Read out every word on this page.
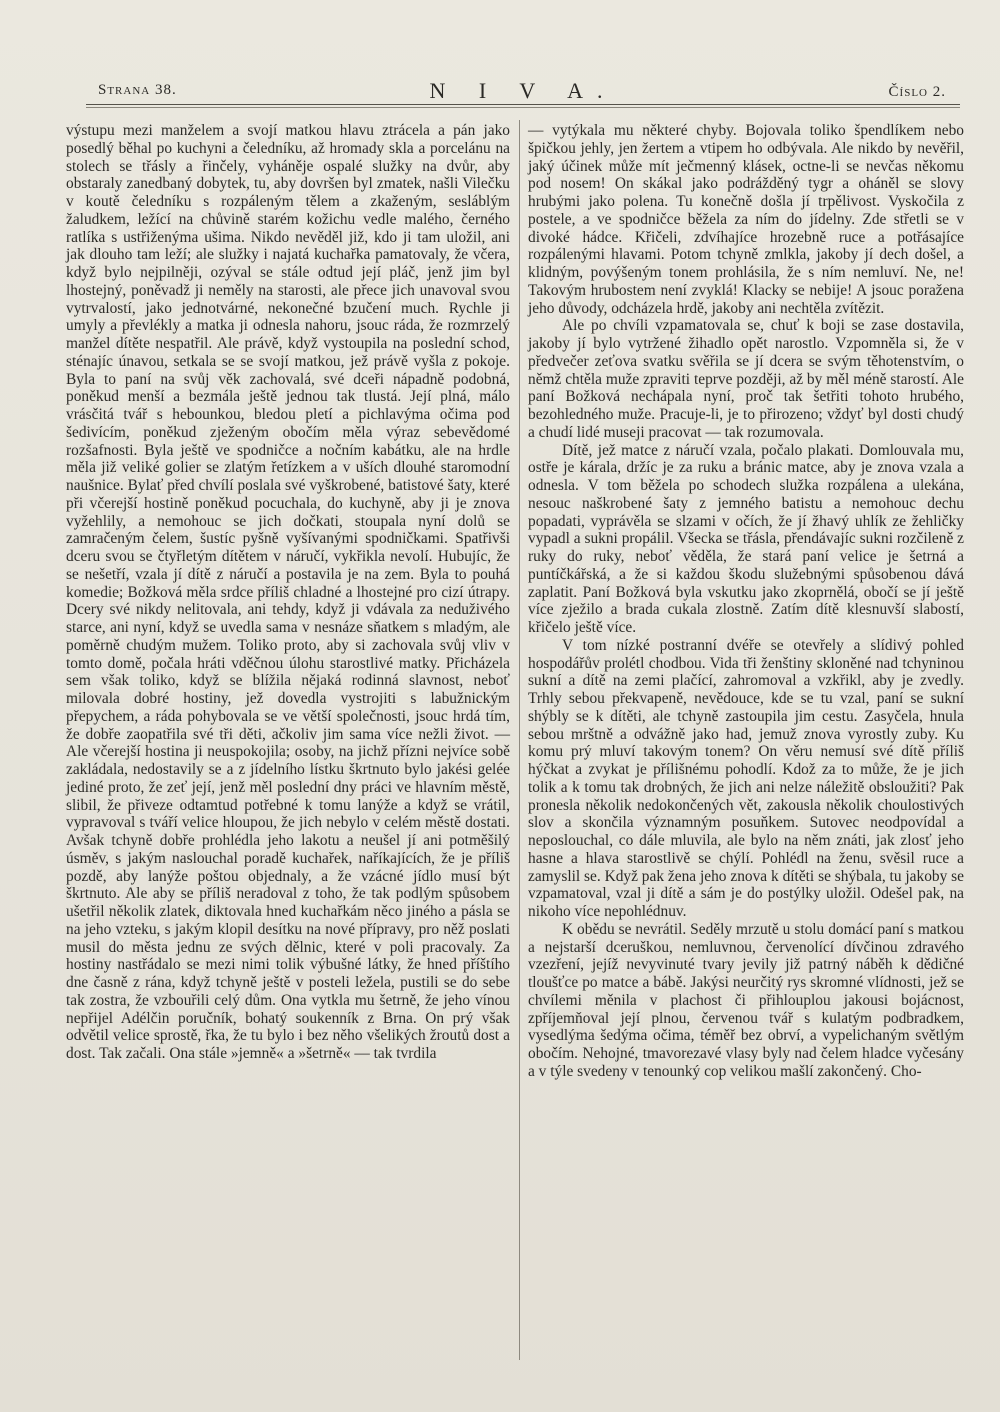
Strana 38.	N I V A.	Číslo 2.

výstupu mezi manželem a svojí matkou hlavu ztrácela a pán jako posedlý běhal po kuchyni a čeledníku, až hromady skla a porcelánu na stolech se třásly a řinčely, vyháněje ospalé služky na dvůr, aby obstaraly zanedbaný dobytek, tu, aby dovršen byl zmatek, našli Vilečku v koutě čeledníku s rozpáleným tělem a zkaženým, sesláblým žaludkem, ležící na chůvině starém kožichu vedle malého, černého ratlíka s ustřiženýma ušima. Nikdo nevěděl již, kdo ji tam uložil, ani jak dlouho tam leží; ale služky i najatá kuchařka pamatovaly, že včera, když bylo nejpilněji, ozýval se stále odtud její pláč, jenž jim byl lhostejný, poněvadž ji neměly na starosti, ale přece jich unavoval svou vytrvalostí, jako jednotvárné, nekonečné bzučení much. Rychle ji umyly a převlékly a matka ji odnesla nahoru, jsouc ráda, že rozmrzelý manžel dítěte nespatřil. Ale právě, když vystoupila na poslední schod, sténajíc únavou, setkala se se svojí matkou, jež právě vyšla z pokoje. Byla to paní na svůj věk zachovalá, své dceři nápadně podobná, poněkud menší a bezmála ještě jednou tak tlustá. Její plná, málo vrásčitá tvář s hebounkou, bledou pletí a pichlavýma očima pod šedivícím, poněkud zježeným obočím měla výraz sebevědomé rozšafnosti. Byla ještě ve spodničce a nočním kabátku, ale na hrdle měla již veliké golier se zlatým řetízkem a v uších dlouhé staromodní naušnice. Bylať před chvílí poslala své vyškrobené, batistové šaty, které při včerejší hostině poněkud pocuchala, do kuchyně, aby ji je znova vyžehlily, a nemohouc se jich dočkati, stoupala nyní dolů se zamračeným čelem, šustíc pyšně vyšívanými spodničkami. Spatřivši dceru svou se čtyřletým dítětem v náručí, vykřikla nevolí. Hubujíc, že se nešetří, vzala jí dítě z náručí a postavila je na zem. Byla to pouhá komedie; Božková měla srdce příliš chladné a lhostejné pro cizí útrapy. Dcery své nikdy nelitovala, ani tehdy, když ji vdávala za neduživého starce, ani nyní, když se uvedla sama v nesnáze sňatkem s mladým, ale poměrně chudým mužem. Toliko proto, aby si zachovala svůj vliv v tomto domě, počala hráti vděčnou úlohu starostlivé matky. Přicházela sem však toliko, když se blížila nějaká rodinná slavnost, neboť milovala dobré hostiny, jež dovedla vystrojiti s labužnickým přepychem, a ráda pohybovala se ve větší společnosti, jsouc hrdá tím, že dobře zaopatřila své tři děti, ačkoliv jim sama více nežli život. — Ale včerejší hostina ji neuspokojila; osoby, na jichž přízni nejvíce sobě zakládala, nedostavily se a z jídelního lístku škrtnuto bylo jakési gelée jediné proto, že zeť její, jenž měl poslední dny práci ve hlavním městě, slibil, že přiveze odtamtud potřebné k tomu lanýže a když se vrátil, vypravoval s tváří velice hloupou, že jich nebylo v celém městě dostati. Avšak tchyně dobře prohlédla jeho lakotu a neušel jí ani potměšilý úsměv, s jakým naslouchal poradě kuchařek, naříkajících, že je příliš pozdě, aby lanýže poštou objednaly, a že vzácné jídlo musí být škrtnuto. Ale aby se příliš neradoval z toho, že tak podlým spůsobem ušetřil několik zlatek, diktovala hned kuchařkám něco jiného a pásla se na jeho vzteku, s jakým klopil desítku na nové přípravy, pro něž poslati musil do města jednu ze svých dělnic, které v poli pracovaly. Za hostiny nastřádalo se mezi nimi tolik výbušné látky, že hned příštího dne časně z rána, když tchyně ještě v posteli ležela, pustili se do sebe tak zostra, že vzbouřili celý dům. Ona vytkla mu šetrně, že jeho vínou nepřijel Adélčin poručník, bohatý soukenník z Brna. On prý však odvětil velice sprostě, řka, že tu bylo i bez něho všelikých žroutů dost a dost. Tak začali. Ona stále »jemně« a »šetrně« — tak tvrdila

— vytýkala mu některé chyby. Bojovala toliko špendlíkem nebo špičkou jehly, jen žertem a vtipem ho odbývala. Ale nikdo by nevěřil, jaký účinek může mít ječmenný klásek, octne-li se nevčas někomu pod nosem! On skákal jako podrážděný tygr a oháněl se slovy hrubými jako polena. Tu konečně došla jí trpělivost. Vyskočila z postele, a ve spodničce běžela za ním do jídelny. Zde střetli se v divoké hádce. Křičeli, zdvíhajíce hrozebně ruce a potřásajíce rozpálenými hlavami. Potom tchyně zmlkla, jakoby jí dech došel, a klidným, povýšeným tonem prohlásila, že s ním nemluví. Ne, ne! Takovým hrubostem není zvyklá! Klacky se nebije! A jsouc poražena jeho důvody, odcházela hrdě, jakoby ani nechtěla zvítězit.

Ale po chvíli vzpamatovala se, chuť k boji se zase dostavila, jakoby jí bylo vytržené žihadlo opět narostlo. Vzpomněla si, že v předvečer zeťova svatku svěřila se jí dcera se svým těhotenstvím, o němž chtěla muže zpraviti teprve později, až by měl méně starostí. Ale paní Božková nechápala nyní, proč tak šetřiti tohoto hrubého, bezohledného muže. Pracuje-li, je to přirozeno; vždyť byl dosti chudý a chudí lidé museji pracovat — tak rozumovala.

Dítě, jež matce z náručí vzala, počalo plakati. Domlouvala mu, ostře je kárala, držíc je za ruku a bránic matce, aby je znova vzala a odnesla. V tom běžela po schodech služka rozpálena a ulekána, nesouc naškrobené šaty z jemného batistu a nemohouc dechu popadati, vyprávěla se slzami v očích, že jí žhavý uhlík ze žehličky vypadl a sukni propálil. Všecka se třásla, přendávajíc sukni rozčileně z ruky do ruky, neboť věděla, že stará paní velice je šetrná a puntíčkářská, a že si každou škodu služebnými spůsobenou dává zaplatit. Paní Božková byla vskutku jako zkoprnělá, obočí se jí ještě více zježilo a brada cukala zlostně. Zatím dítě klesnuvší slabostí, křičelo ještě více.

V tom nízké postranní dvéře se otevřely a slídivý pohled hospodářův prolétl chodbou. Vida tři ženštiny skloněné nad tchyninou sukní a dítě na zemi plačící, zahromoval a vzkřikl, aby je zvedly. Trhly sebou překvapeně, nevědouce, kde se tu vzal, paní se sukní shýbly se k dítěti, ale tchyně zastoupila jim cestu. Zasyčela, hnula sebou mrštně a odvážně jako had, jemuž znova vyrostly zuby. Ku komu prý mluví takovým tonem? On věru nemusí své dítě příliš hýčkat a zvykat je přílišnému pohodlí. Kdož za to může, že je jich tolik a k tomu tak drobných, že jich ani nelze náležitě obsloužiti? Pak pronesla několik nedokončených vět, zakousla několik choulostivých slov a skončila významným posuňkem. Sutovec neodpovídal a neposlouchal, co dále mluvila, ale bylo na něm znáti, jak zlosť jeho hasne a hlava starostlivě se chýlí. Pohlédl na ženu, svěsil ruce a zamyslil se. Když pak žena jeho znova k dítěti se shýbala, tu jakoby se vzpamatoval, vzal ji dítě a sám je do postýlky uložil. Odešel pak, na nikoho více nepohlédnuv.

K obědu se nevrátil. Seděly mrzutě u stolu domácí paní s matkou a nejstarší dceruškou, nemluvnou, červenolící dívčinou zdravého vzezření, jejíž nevyvinuté tvary jevily již patrný náběh k dědičné tloušťce po matce a bábě. Jakýsi neurčitý rys skromné vlídnosti, jež se chvílemi měnila v plachost či přihlouplou jakousi bojácnost, zpříjemňoval její plnou, červenou tvář s kulatým podbradkem, vysedlýma šedýma očima, téměř bez obrví, a vypelichaným světlým obočím. Nehojné, tmavorezavé vlasy byly nad čelem hladce vyčesány a v týle svedeny v tenounký cop velikou mašlí zakončený. Cho-
